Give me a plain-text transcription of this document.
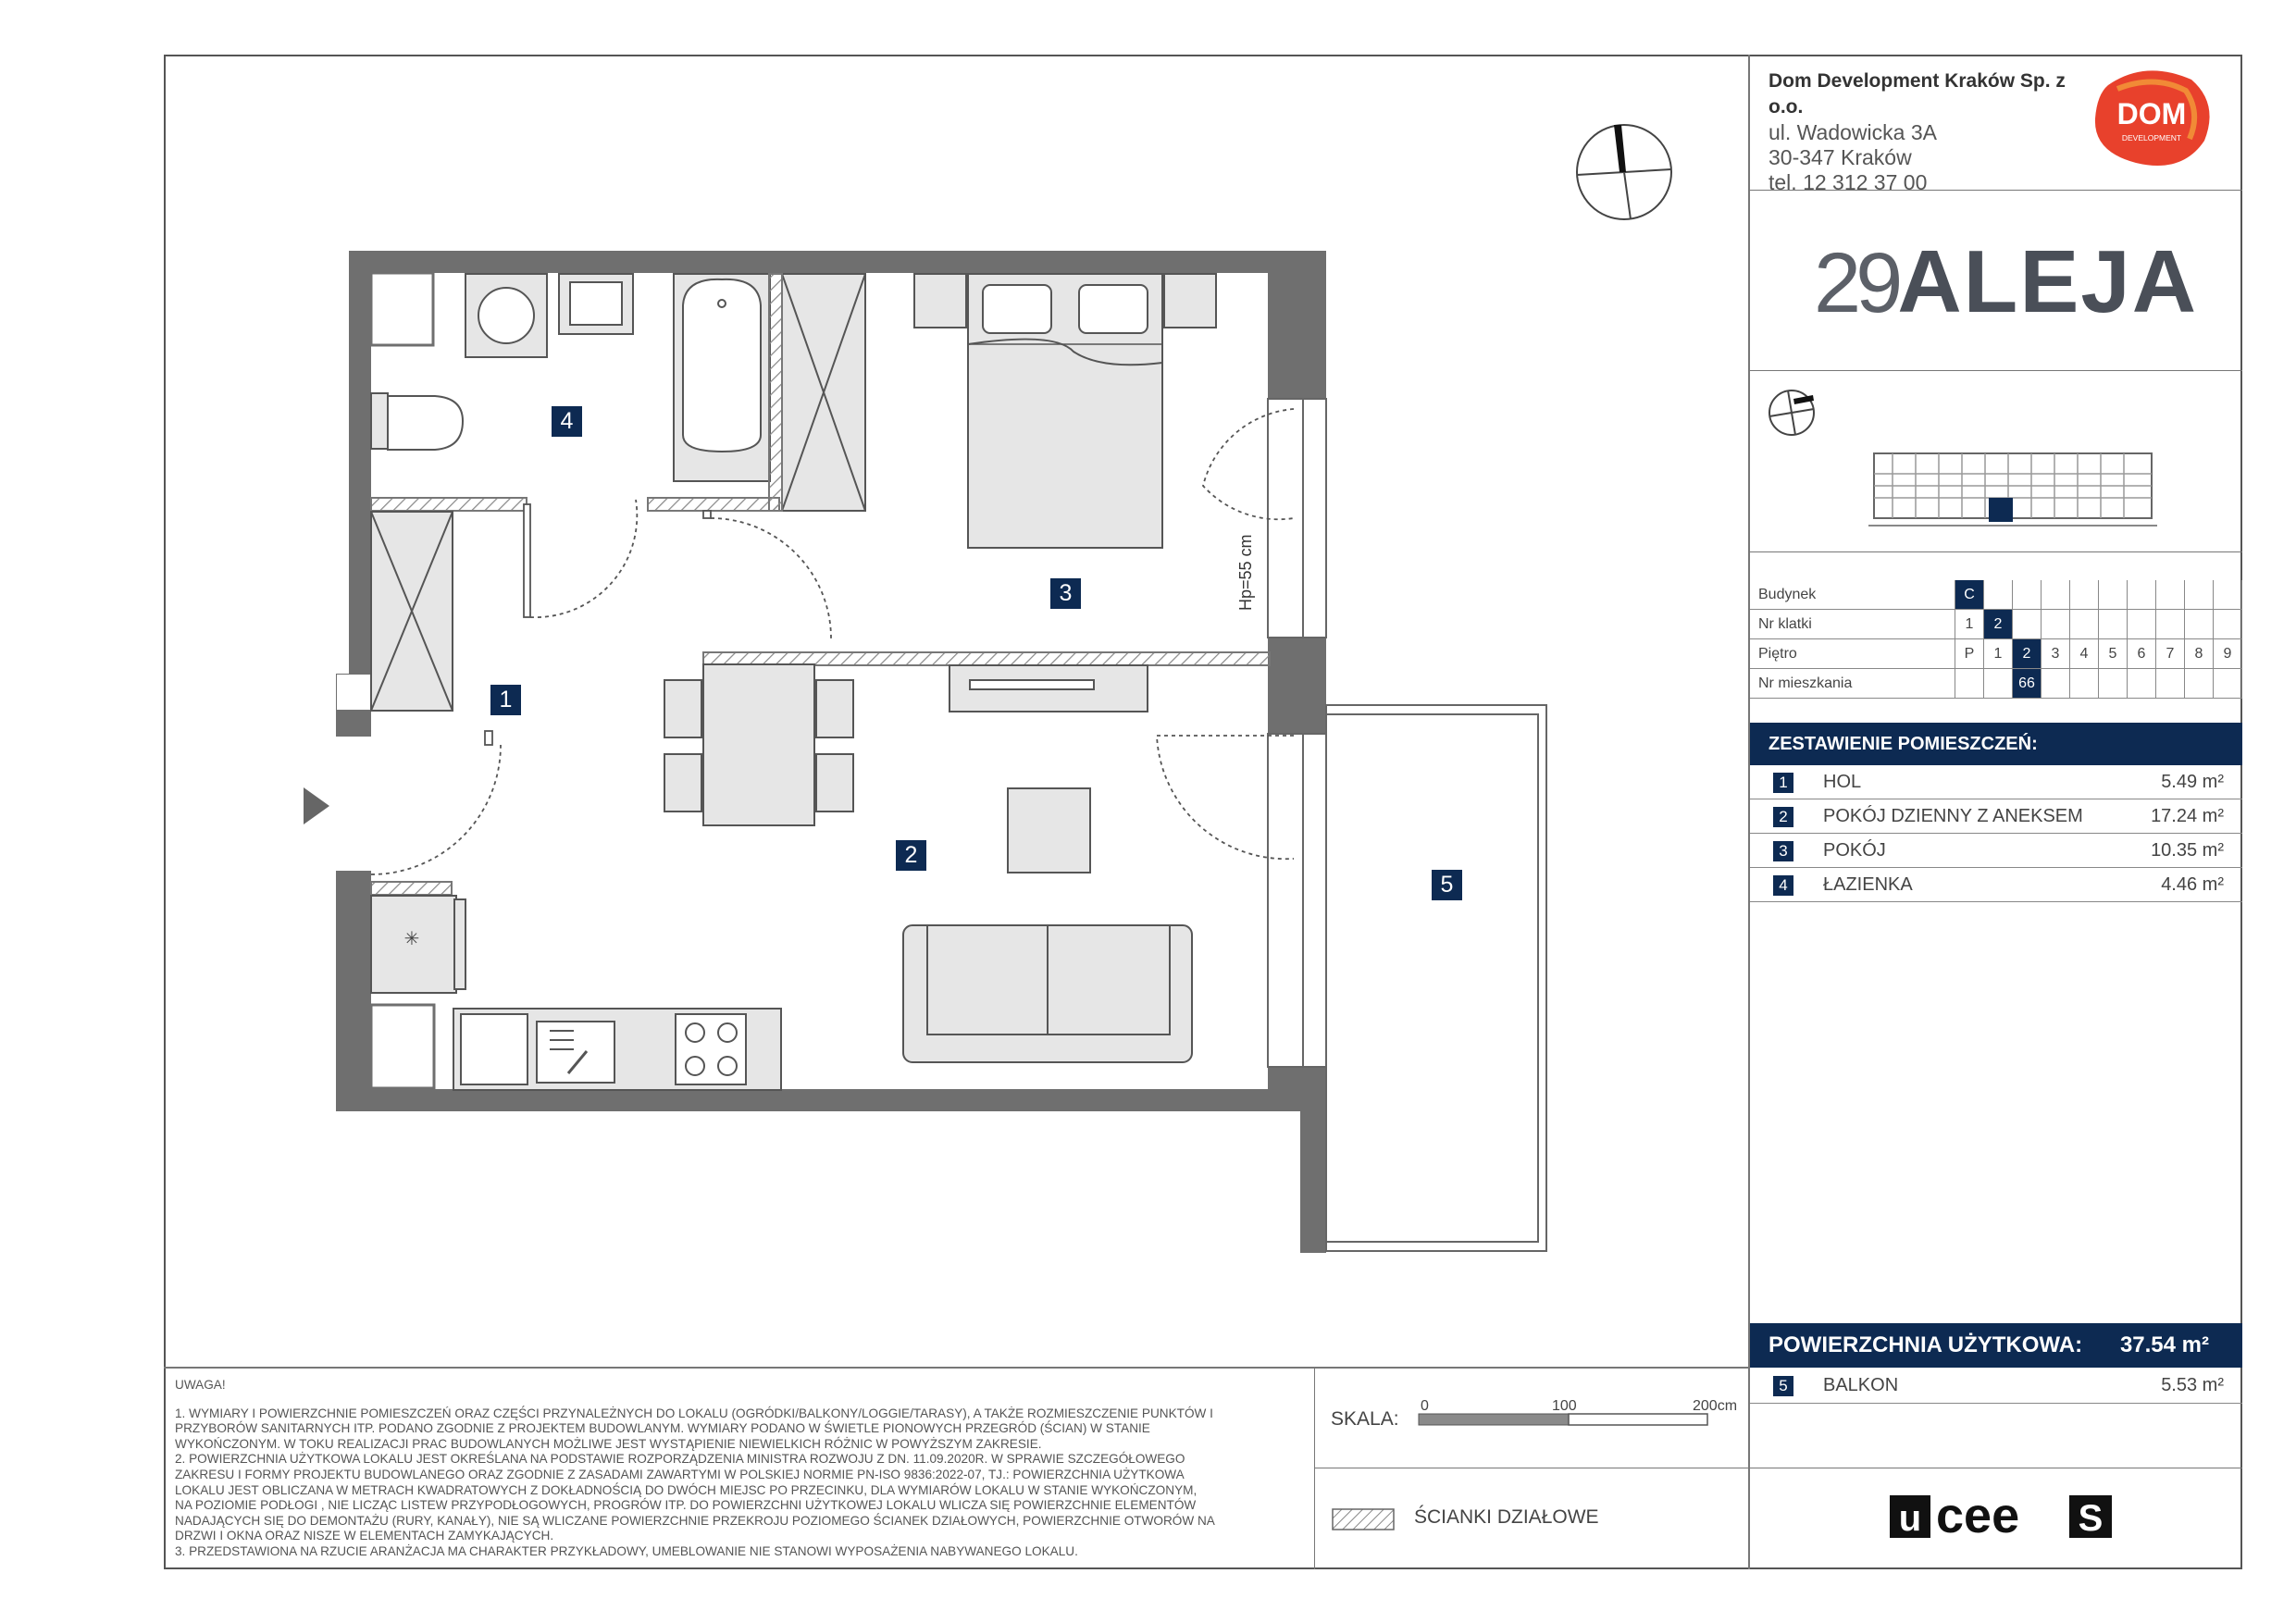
Dom Development Kraków Sp. z o.o.
ul. Wadowicka 3A
30-347 Kraków
tel. 12 312 37 00
DOM
DEVELOPMENT
29ALEJA
Budynek	C									
Nr klatki	1	2								
Piętro	P	1	2	3	4	5	6	7	8	9
Nr mieszkania			66							
ZESTAWIENIE POMIESZCZEŃ:
1	HOL	5.49 m²
2	POKÓJ DZIENNY Z ANEKSEM	17.24 m²
3	POKÓJ	10.35 m²
4	ŁAZIENKA	4.46 m²
POWIERZCHNIA UŻYTKOWA: 37.54 m²
5	BALKON	5.53 m²
UWAGA!
1. WYMIARY I POWIERZCHNIE POMIESZCZEŃ ORAZ CZĘŚCI PRZYNALEŻNYCH DO LOKALU (OGRÓDKI/BALKONY/LOGGIE/TARASY), A TAKŻE ROZMIESZCZENIE PUNKTÓW I
PRZYBORÓW SANITARNYCH ITP. PODANO ZGODNIE Z PROJEKTEM BUDOWLANYM. WYMIARY PODANO W ŚWIETLE PIONOWYCH PRZEGRÓD (ŚCIAN) W STANIE
WYKOŃCZONYM. W TOKU REALIZACJI PRAC BUDOWLANYCH MOŻLIWE JEST WYSTĄPIENIE NIEWIELKICH RÓŻNIC W POWYŻSZYM ZAKRESIE.
2. POWIERZCHNIA UŻYTKOWA LOKALU JEST OKREŚLANA NA PODSTAWIE ROZPORZĄDZENIA MINISTRA ROZWOJU Z DN. 11.09.2020R. W SPRAWIE SZCZEGÓŁOWEGO
ZAKRESU I FORMY PROJEKTU BUDOWLANEGO ORAZ ZGODNIE Z ZASADAMI ZAWARTYMI W POLSKIEJ NORMIE PN-ISO 9836:2022-07, TJ.: POWIERZCHNIA UŻYTKOWA
LOKALU JEST OBLICZANA W METRACH KWADRATOWYCH Z DOKŁADNOŚCIĄ DO DWÓCH MIEJSC PO PRZECINKU, DLA WYMIARÓW LOKALU W STANIE WYKOŃCZONYM,
NA POZIOMIE PODŁOGI , NIE LICZĄC LISTEW PRZYPODŁOGOWYCH, PROGRÓW ITP. DO POWIERZCHNI UŻYTKOWEJ LOKALU WLICZA SIĘ POWIERZCHNIE ELEMENTÓW
NADAJĄCYCH SIĘ DO DEMONTAŻU (RURY, KANAŁY), NIE SĄ WLICZANE POWIERZCHNIE PRZEKROJU POZIOMEGO ŚCIANEK DZIAŁOWYCH, POWIERZCHNIE OTWORÓW NA
DRZWI I OKNA ORAZ NISZE W ELEMENTACH ZAMYKAJĄCYCH.
3. PRZEDSTAWIONA NA RZUCIE ARANŻACJA MA CHARAKTER PRZYKŁADOWY, UMEBLOWANIE NIE STANOWI WYPOSAŻENIA NABYWANEGO LOKALU.
SKALA:
0	100	200cm
ŚCIANKI DZIAŁOWE	u cee S
✳
Hp=55 cm
1
2
3
4
5
